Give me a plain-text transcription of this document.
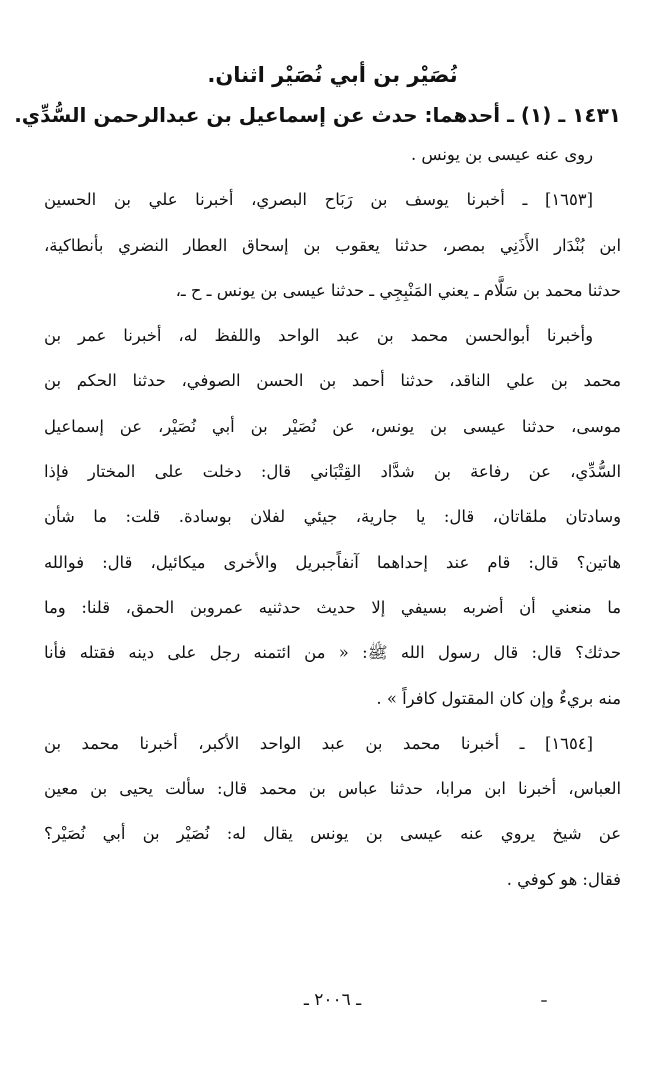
نُصَيْر بن أبي نُصَيْر اثنان.

١٤٣١ ـ (١) ـ أحدهما: حدث عن إسماعيل بن عبدالرحمن السُّدِّي.

روى عنه عيسى بن يونس .

[١٦٥٣] ـ أخبرنا يوسف بن رَبَاح البصري، أخبرنا علي بن الحسين

ابن بُنْدَار الأَذَنِي بمصر، حدثنا يعقوب بن إسحاق العطار النضري بأنطاكية،

حدثنا محمد بن سَلَّام ـ يعني المَنْبِجِي ـ حدثنا عيسى بن يونس ـ ح ـ،

وأخبرنا أبوالحسن محمد بن عبد الواحد واللفظ له، أخبرنا عمر بن

محمد بن علي الناقد، حدثنا أحمد بن الحسن الصوفي، حدثنا الحكم بن

موسى، حدثنا عيسى بن يونس، عن نُصَيْر بن أبي نُصَيْر، عن إسماعيل

السُّدِّي، عن رفاعة بن شدَّاد القِتْبَاني قال: دخلت على المختار فإذا

وسادتان ملقاتان، قال: يا جارية، جيئي لفلان بوسادة. قلت: ما شأن

هاتين؟ قال: قام عند إحداهما آنفاًجبريل والأخرى ميكائيل، قال: فوالله

ما منعني أن أضربه بسيفي إلا حديث حدثنيه عمروبن الحمق، قلنا: وما

حدثك؟ قال: قال رسول الله ﷺ: « من ائتمنه رجل على دينه فقتله فأنا

منه بريءٌ وإن كان المقتول كافراً » .

[١٦٥٤] ـ أخبرنا محمد بن عبد الواحد الأكبر، أخبرنا محمد بن

العباس، أخبرنا ابن مرابا، حدثنا عباس بن محمد قال: سألت يحيى بن معين

عن شيخ يروي عنه عيسى بن يونس يقال له: نُصَيْر بن أبي نُصَيْر؟

فقال: هو كوفي .

ـ ٢٠٠٦ ـ
